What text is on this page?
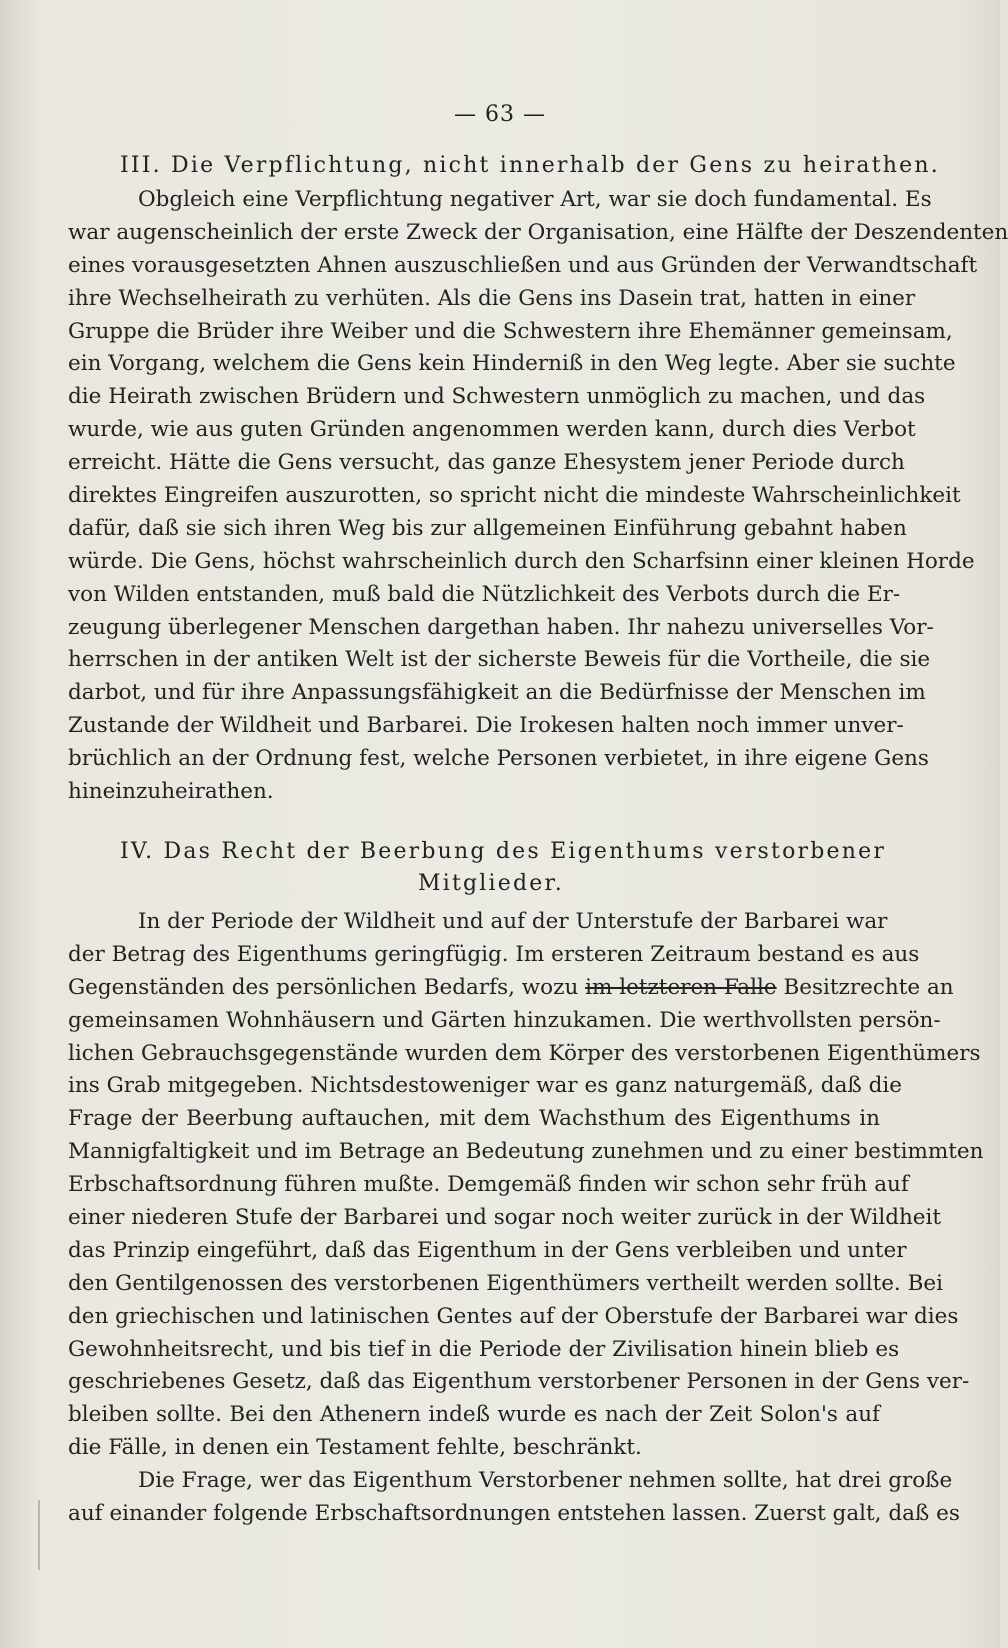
— 63 —

III. Die Verpflichtung, nicht innerhalb der Gens zu heirathen.

Obgleich eine Verpflichtung negativer Art, war sie doch fundamental. Es
war augenscheinlich der erste Zweck der Organisation, eine Hälfte der Deszendenten
eines vorausgesetzten Ahnen auszuschließen und aus Gründen der Verwandtschaft
ihre Wechselheirath zu verhüten. Als die Gens ins Dasein trat, hatten in einer
Gruppe die Brüder ihre Weiber und die Schwestern ihre Ehemänner gemeinsam,
ein Vorgang, welchem die Gens kein Hinderniß in den Weg legte. Aber sie suchte
die Heirath zwischen Brüdern und Schwestern unmöglich zu machen, und das
wurde, wie aus guten Gründen angenommen werden kann, durch dies Verbot
erreicht. Hätte die Gens versucht, das ganze Ehesystem jener Periode durch
direktes Eingreifen auszurotten, so spricht nicht die mindeste Wahrscheinlichkeit
dafür, daß sie sich ihren Weg bis zur allgemeinen Einführung gebahnt haben
würde. Die Gens, höchst wahrscheinlich durch den Scharfsinn einer kleinen Horde
von Wilden entstanden, muß bald die Nützlichkeit des Verbots durch die Er-
zeugung überlegener Menschen dargethan haben. Ihr nahezu universelles Vor-
herrschen in der antiken Welt ist der sicherste Beweis für die Vortheile, die sie
darbot, und für ihre Anpassungsfähigkeit an die Bedürfnisse der Menschen im
Zustande der Wildheit und Barbarei. Die Irokesen halten noch immer unver-
brüchlich an der Ordnung fest, welche Personen verbietet, in ihre eigene Gens
hineinzuheirathen.

IV. Das Recht der Beerbung des Eigenthums verstorbener

Mitglieder.

In der Periode der Wildheit und auf der Unterstufe der Barbarei war
der Betrag des Eigenthums geringfügig. Im ersteren Zeitraum bestand es aus
Gegenständen des persönlichen Bedarfs, wozu im letzteren Falle Besitzrechte an
gemeinsamen Wohnhäusern und Gärten hinzukamen. Die werthvollsten persön-
lichen Gebrauchsgegenstände wurden dem Körper des verstorbenen Eigenthümers
ins Grab mitgegeben. Nichtsdestoweniger war es ganz naturgemäß, daß die
Frage der Beerbung auftauchen, mit dem Wachsthum des Eigenthums in
Mannigfaltigkeit und im Betrage an Bedeutung zunehmen und zu einer bestimmten
Erbschaftsordnung führen mußte. Demgemäß finden wir schon sehr früh auf
einer niederen Stufe der Barbarei und sogar noch weiter zurück in der Wildheit
das Prinzip eingeführt, daß das Eigenthum in der Gens verbleiben und unter
den Gentilgenossen des verstorbenen Eigenthümers vertheilt werden sollte. Bei
den griechischen und latinischen Gentes auf der Oberstufe der Barbarei war dies
Gewohnheitsrecht, und bis tief in die Periode der Zivilisation hinein blieb es
geschriebenes Gesetz, daß das Eigenthum verstorbener Personen in der Gens ver-
bleiben sollte. Bei den Athenern indeß wurde es nach der Zeit Solon's auf
die Fälle, in denen ein Testament fehlte, beschränkt.
Die Frage, wer das Eigenthum Verstorbener nehmen sollte, hat drei große
auf einander folgende Erbschaftsordnungen entstehen lassen. Zuerst galt, daß es
